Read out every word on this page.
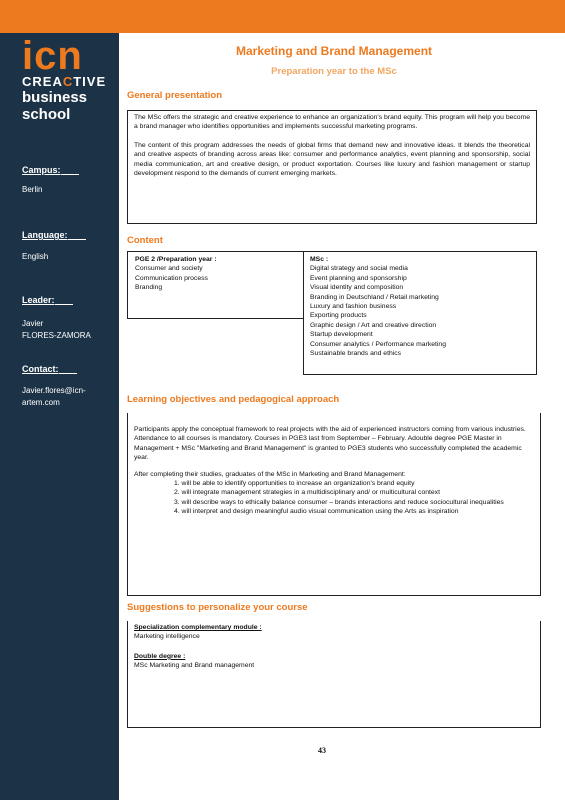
icn
CREACTIVE
business
school
Campus:
Berlin
Language:
English
Leader:
Javier
FLORES-ZAMORA
Contact:
Javier.flores@icn-
artem.com
Marketing and Brand Management
Preparation year to the MSc
General presentation
The MSc offers the strategic and creative experience to enhance an organization's brand equity. This program will help you become a brand manager who identifies opportunities and implements successful marketing programs.
The content of this program addresses the needs of global firms that demand new and innovative ideas. It blends the theoretical and creative aspects of branding across areas like: consumer and performance analytics, event planning and sponsorship, social media communication, art and creative design, or product exportation. Courses like luxury and fashion management or startup development respond to the demands of current emerging markets.
Content
PGE 2 /Preparation year :
Consumer and society
Communication process
Branding
MSc :
Digital strategy and social media
Event planning and sponsorship
Visual identity and composition
Branding in Deutschland / Retail marketing
Luxury and fashion business
Exporting products
Graphic design / Art and creative direction
Startup development
Consumer analytics / Performance marketing
Sustainable brands and ethics
Learning objectives and pedagogical approach
Participants apply the conceptual framework to real projects with the aid of experienced instructors coming from various industries.
Attendance to all courses is mandatory. Courses in PGE3 last from September – February. Adouble degree PGE Master in Management + MSc "Marketing and Brand Management" is granted to PGE3 students who successfully completed the academic year.
After completing their studies, graduates of the MSc in Marketing and Brand Management:
1. will be able to identify opportunities to increase an organization's brand equity
2. will integrate management strategies in a multidisciplinary and/ or multicultural context
3. will describe ways to ethically balance consumer – brands interactions and reduce sociocultural inequalities
4. will interpret and design meaningful audio visual communication using the Arts as inspiration
Suggestions to personalize your course
Specialization complementary module :
Marketing intelligence
Double degree :
MSc Marketing and Brand management
43
